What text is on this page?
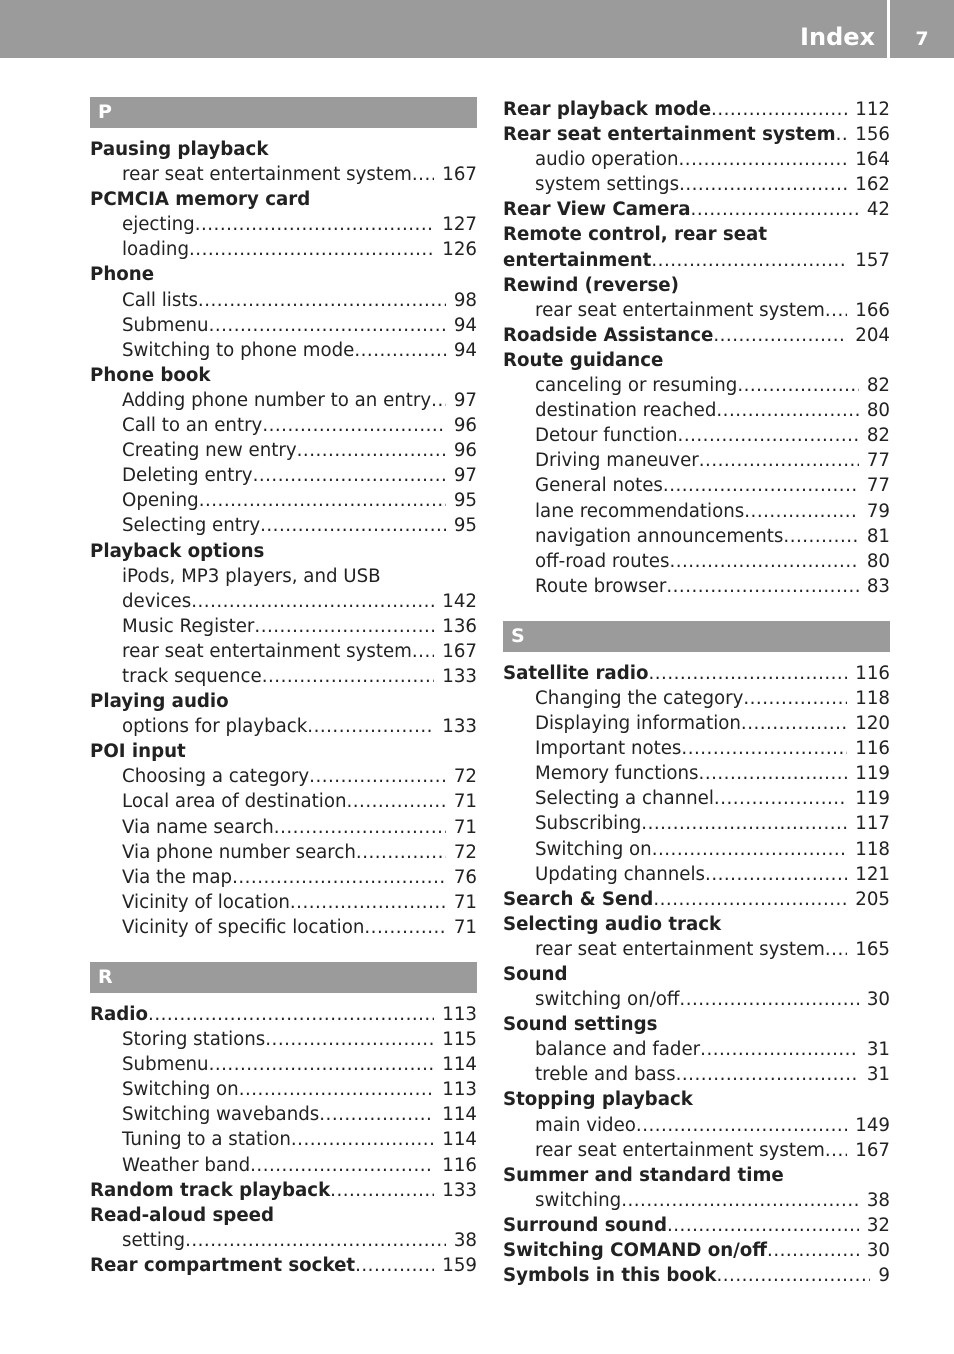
Index	7
P
Pausing playback
rear seat entertainment system .....	167
PCMCIA memory card
ejecting .....	127
loading .....	126
Phone
Call lists .....	98
Submenu .....	94
Switching to phone mode .....	94
Phone book
Adding phone number to an entry .....	97
Call to an entry .....	96
Creating new entry .....	96
Deleting entry .....	97
Opening .....	95
Selecting entry .....	95
Playback options
iPods, MP3 players, and USB
devices .....	142
Music Register .....	136
rear seat entertainment system .....	167
track sequence .....	133
Playing audio
options for playback .....	133
POI input
Choosing a category .....	72
Local area of destination .....	71
Via name search .....	71
Via phone number search .....	72
Via the map .....	76
Vicinity of location .....	71
Vicinity of specific location .....	71
R
Radio .....	113
Storing stations .....	115
Submenu .....	114
Switching on .....	113
Switching wavebands .....	114
Tuning to a station .....	114
Weather band .....	116
Random track playback .....	133
Read-aloud speed
setting .....	38
Rear compartment socket .....	159
Rear playback mode .....	112
Rear seat entertainment system .....	156
audio operation .....	164
system settings .....	162
Rear View Camera .....	42
Remote control, rear seat
entertainment .....	157
Rewind (reverse)
rear seat entertainment system .....	166
Roadside Assistance .....	204
Route guidance
canceling or resuming .....	82
destination reached .....	80
Detour function .....	82
Driving maneuver .....	77
General notes .....	77
lane recommendations .....	79
navigation announcements .....	81
off-road routes .....	80
Route browser .....	83
S
Satellite radio .....	116
Changing the category .....	118
Displaying information .....	120
Important notes .....	116
Memory functions .....	119
Selecting a channel .....	119
Subscribing .....	117
Switching on .....	118
Updating channels .....	121
Search & Send .....	205
Selecting audio track
rear seat entertainment system .....	165
Sound
switching on/off .....	30
Sound settings
balance and fader .....	31
treble and bass .....	31
Stopping playback
main video .....	149
rear seat entertainment system .....	167
Summer and standard time
switching .....	38
Surround sound .....	32
Switching COMAND on/off .....	30
Symbols in this book .....	9
